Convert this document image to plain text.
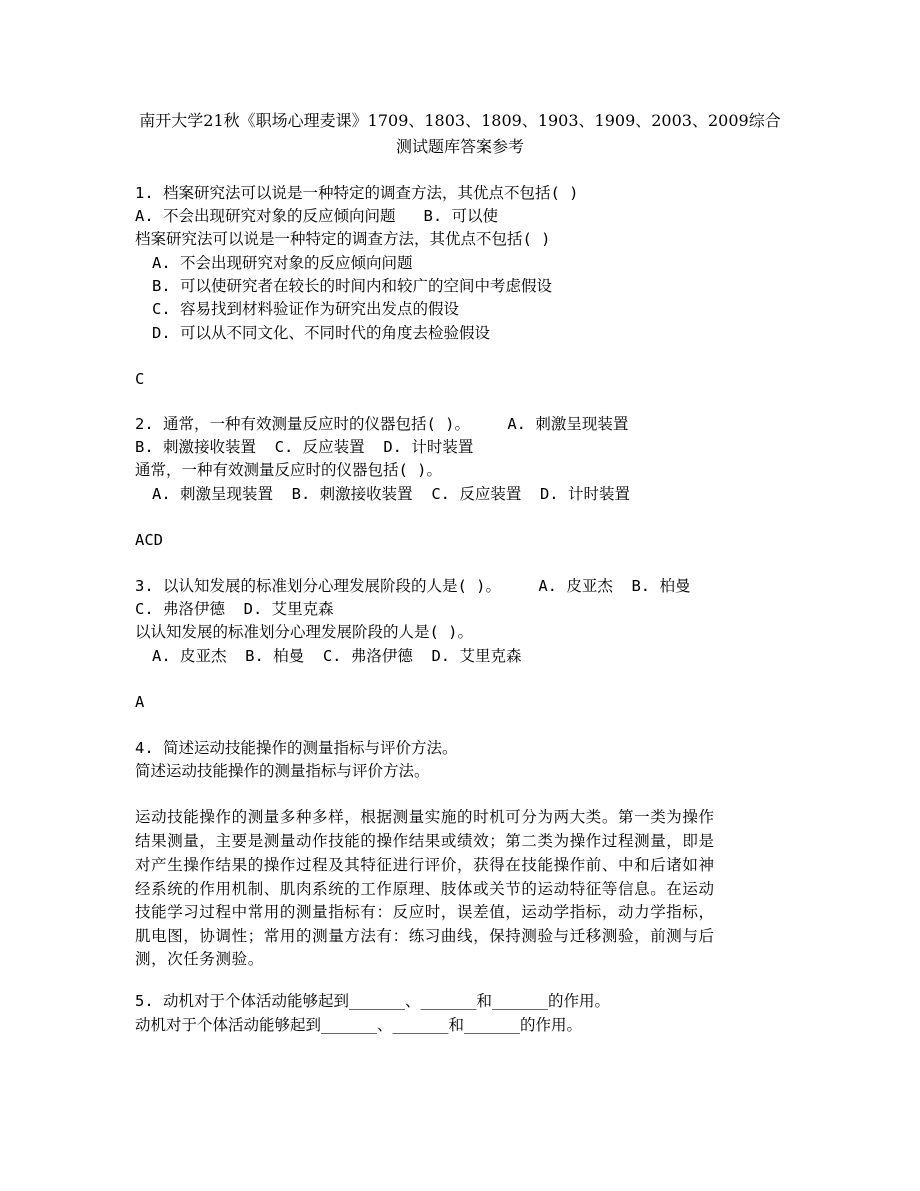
南开大学21秋《职场心理麦课》1709、1803、1809、1903、1909、2003、2009综合
测试题库答案参考
1. 档案研究法可以说是一种特定的调查方法，其优点不包括( )
A. 不会出现研究对象的反应倾向问题   B. 可以使
档案研究法可以说是一种特定的调查方法，其优点不包括( )
A. 不会出现研究对象的反应倾向问题
B. 可以使研究者在较长的时间内和较广的空间中考虑假设
C. 容易找到材料验证作为研究出发点的假设
D. 可以从不同文化、不同时代的角度去检验假设
C
2. 通常，一种有效测量反应时的仪器包括( )。    A. 刺激呈现装置
B. 刺激接收装置  C. 反应装置  D. 计时装置
通常，一种有效测量反应时的仪器包括( )。
A. 刺激呈现装置  B. 刺激接收装置  C. 反应装置  D. 计时装置
ACD
3. 以认知发展的标准划分心理发展阶段的人是( )。    A. 皮亚杰  B. 柏曼
C. 弗洛伊德  D. 艾里克森
以认知发展的标准划分心理发展阶段的人是( )。
A. 皮亚杰  B. 柏曼  C. 弗洛伊德  D. 艾里克森
A
4. 简述运动技能操作的测量指标与评价方法。
简述运动技能操作的测量指标与评价方法。
运动技能操作的测量多种多样，根据测量实施的时机可分为两大类。第一类为操作
结果测量，主要是测量动作技能的操作结果或绩效；第二类为操作过程测量，即是
对产生操作结果的操作过程及其特征进行评价，获得在技能操作前、中和后诸如神
经系统的作用机制、肌肉系统的工作原理、肢体或关节的运动特征等信息。在运动
技能学习过程中常用的测量指标有：反应时，误差值，运动学指标，动力学指标，
肌电图，协调性；常用的测量方法有：练习曲线，保持测验与迁移测验，前测与后
测，次任务测验。
5. 动机对于个体活动能够起到______、______和______的作用。
动机对于个体活动能够起到______、______和______的作用。
